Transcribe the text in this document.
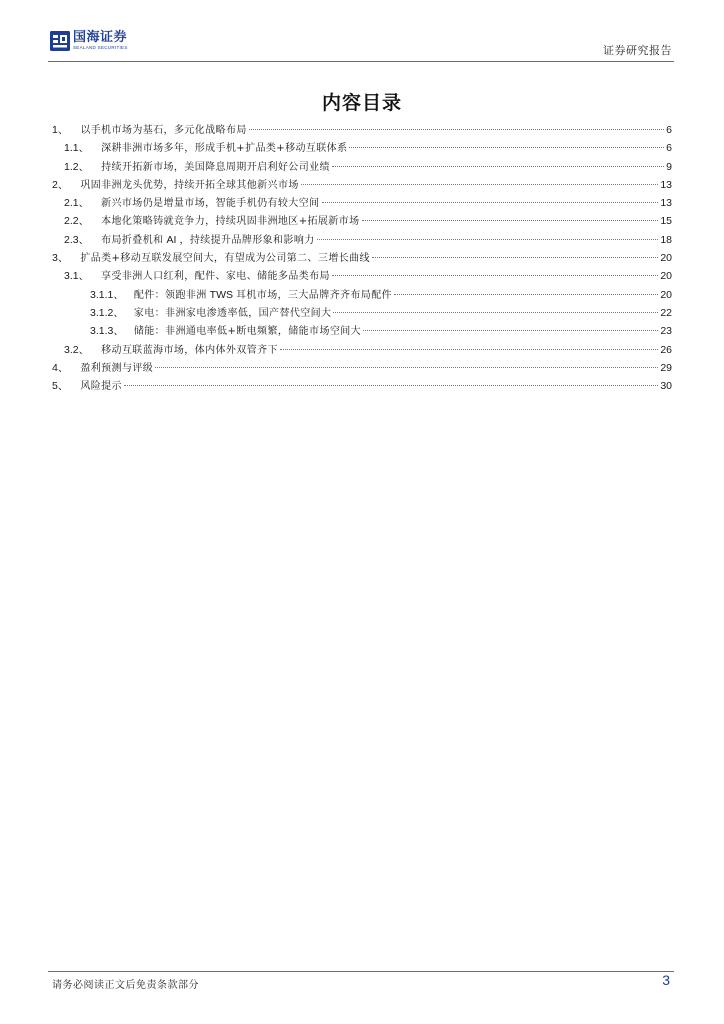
国海证券
SEALAND SECURITIES	证券研究报告
内容目录
1、 以手机市场为基石，多元化战略布局	6
1.1、 深耕非洲市场多年，形成手机+扩品类+移动互联体系	6
1.2、 持续开拓新市场，美国降息周期开启利好公司业绩	9
2、 巩固非洲龙头优势，持续开拓全球其他新兴市场	13
2.1、 新兴市场仍是增量市场，智能手机仍有较大空间	13
2.2、 本地化策略铸就竞争力，持续巩固非洲地区+拓展新市场	15
2.3、 布局折叠机和 AI ，持续提升品牌形象和影响力	18
3、 扩品类+移动互联发展空间大，有望成为公司第二、三增长曲线	20
3.1、 享受非洲人口红利，配件、家电、储能多品类布局	20
3.1.1、 配件：领跑非洲 TWS 耳机市场，三大品牌齐齐布局配件	20
3.1.2、 家电：非洲家电渗透率低，国产替代空间大	22
3.1.3、 储能：非洲通电率低+断电频繁，储能市场空间大	23
3.2、 移动互联蓝海市场，体内体外双管齐下	26
4、 盈利预测与评级	29
5、 风险提示	30
请务必阅读正文后免责条款部分	3
